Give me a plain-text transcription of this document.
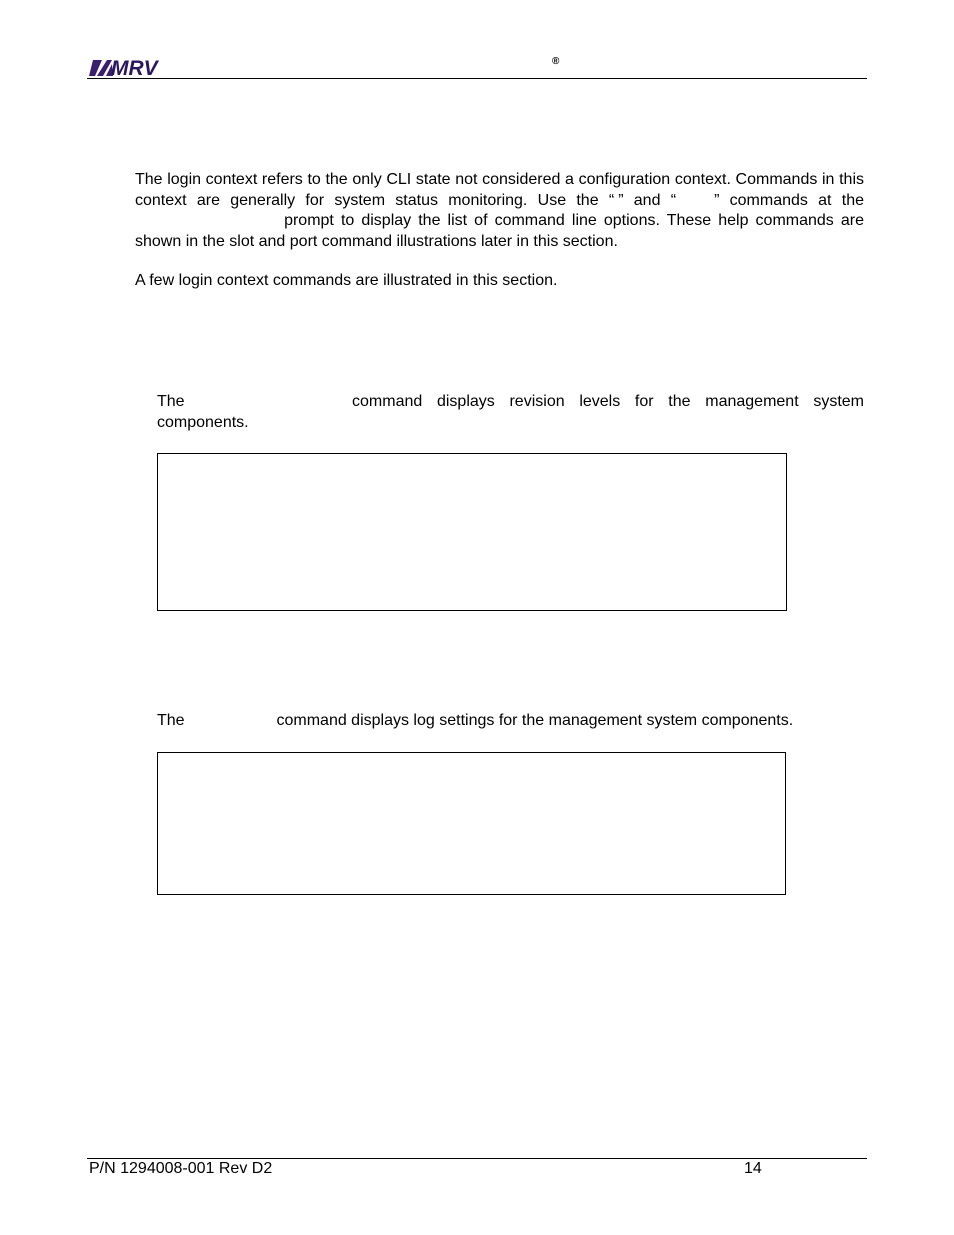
MRV	®

The login context refers to the only CLI state not considered a configuration context. Commands in this context are generally for system status monitoring. Use the “ ” and “ ” commands at the prompt to display the list of command line options. These help commands are shown in the slot and port command illustrations later in this section.

A few login context commands are illustrated in this section.

The	command displays revision levels for the management system components.

The	command displays log settings for the management system components.

P/N 1294008-001 Rev D2	14
